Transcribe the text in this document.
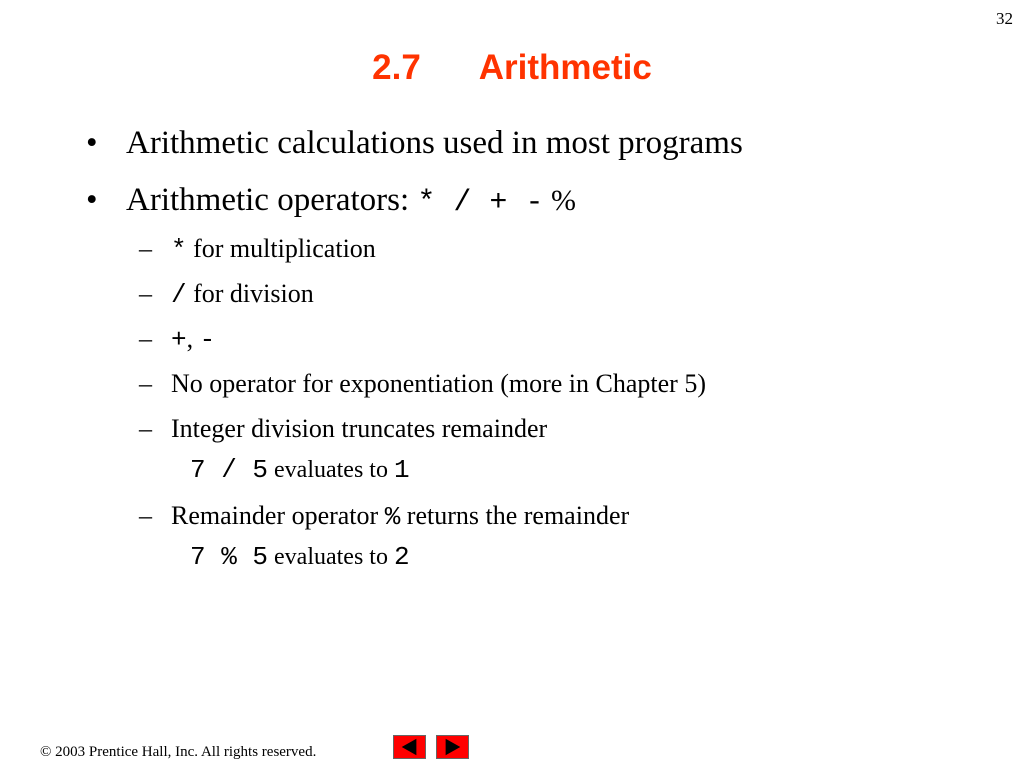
32
2.7 Arithmetic
• Arithmetic calculations used in most programs
• Arithmetic operators: * / + - %
– * for multiplication
– / for division
– +, -
– No operator for exponentiation (more in Chapter 5)
– Integer division truncates remainder
7 / 5 evaluates to 1
– Remainder operator % returns the remainder
7 % 5 evaluates to 2
© 2003 Prentice Hall, Inc. All rights reserved.
